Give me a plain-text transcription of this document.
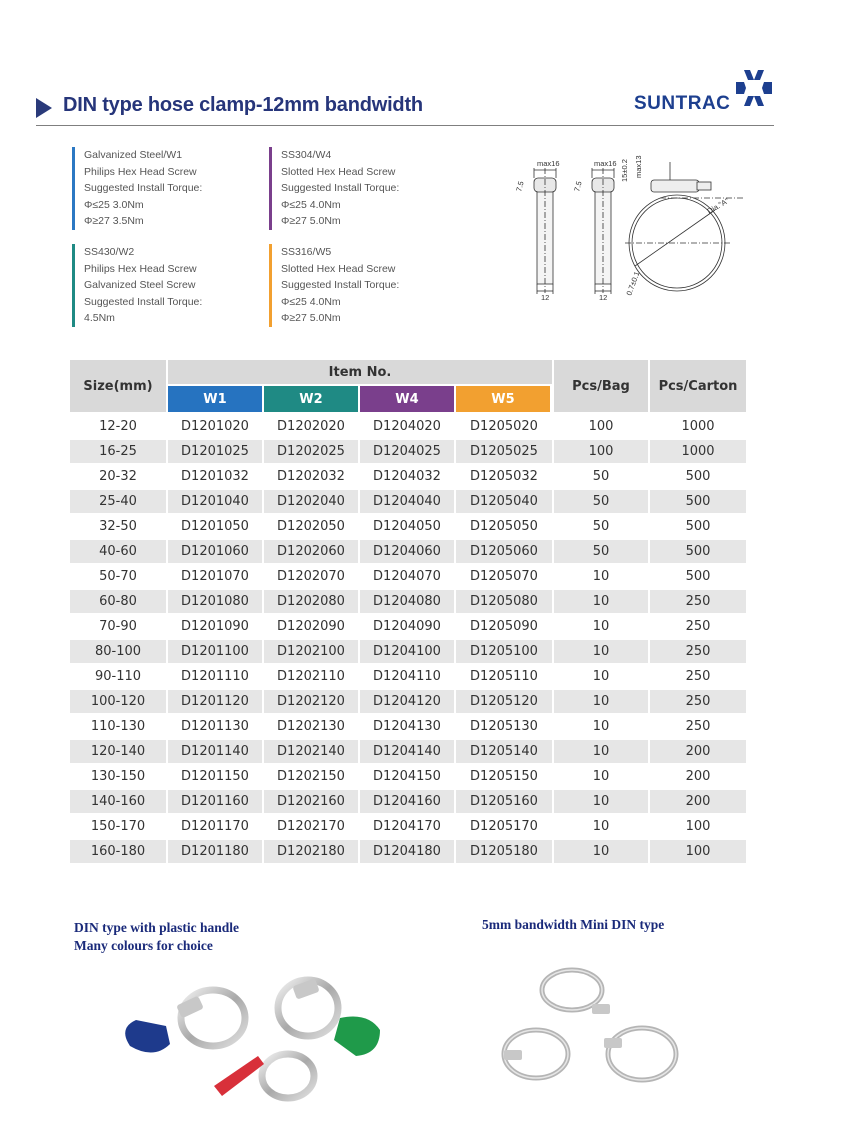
DIN type hose clamp-12mm bandwidth	SUNTRAC
Galvanized Steel/W1
Philips Hex Head Screw
Suggested Install Torque:
Φ≤25 3.0Nm
Φ≥27 3.5Nm
SS430/W2
Philips Hex Head Screw
Galvanized Steel Screw
Suggested Install Torque:
4.5Nm
SS304/W4
Slotted Hex Head Screw
Suggested Install Torque:
Φ≤25 4.0Nm
Φ≥27 5.0Nm
SS316/W5
Slotted Hex Head Screw
Suggested Install Torque:
Φ≤25 4.0Nm
Φ≥27 5.0Nm
max16	max16
12	12
7.5	7.5
15±0.2 max13
Dia."A"
0.7±0.1
Size(mm)
Item No.
W1	W2	W4	W5
Pcs/Bag	Pcs/Carton
12-20	D1201020	D1202020	D1204020	D1205020	100	1000
16-25	D1201025	D1202025	D1204025	D1205025	100	1000
20-32	D1201032	D1202032	D1204032	D1205032	50	500
25-40	D1201040	D1202040	D1204040	D1205040	50	500
32-50	D1201050	D1202050	D1204050	D1205050	50	500
40-60	D1201060	D1202060	D1204060	D1205060	50	500
50-70	D1201070	D1202070	D1204070	D1205070	10	500
60-80	D1201080	D1202080	D1204080	D1205080	10	250
70-90	D1201090	D1202090	D1204090	D1205090	10	250
80-100	D1201100	D1202100	D1204100	D1205100	10	250
90-110	D1201110	D1202110	D1204110	D1205110	10	250
100-120	D1201120	D1202120	D1204120	D1205120	10	250
110-130	D1201130	D1202130	D1204130	D1205130	10	250
120-140	D1201140	D1202140	D1204140	D1205140	10	200
130-150	D1201150	D1202150	D1204150	D1205150	10	200
140-160	D1201160	D1202160	D1204160	D1205160	10	200
150-170	D1201170	D1202170	D1204170	D1205170	10	100
160-180	D1201180	D1202180	D1204180	D1205180	10	100
DIN type with plastic handle
Many colours for choice
5mm bandwidth Mini DIN type
